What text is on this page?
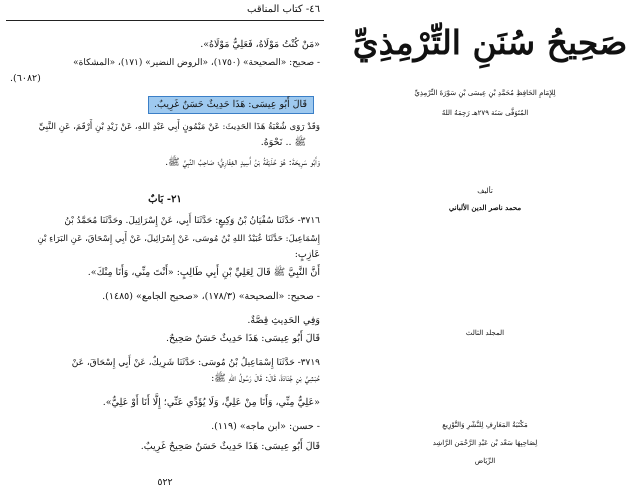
٤٦- كتاب المناقب
«مَنْ كُنْتُ مَوْلَاهُ، فَعَلِيٌّ مَوْلَاهُ».
- صحيح: «الصحيحة» (١٧٥٠)، «الروض النضير» (١٧١)، «المشكاة»
(٦٠٨٢).
قَالَ أَبُو عِيسَى: هَذَا حَدِيثٌ حَسَنٌ غَرِيبٌ.
وَقَدْ رَوَى شُعْبَةُ هَذَا الحَدِيثَ: عَنْ مَيْمُونٍ أَبِي عَبْدِ اللهِ، عَنْ زَيْدِ بْنِ أَرْقَمَ، عَنِ النَّبِيِّ
ﷺ .. نَحْوَهُ.
وَأَبُو سَرِيحَةَ: هُوَ حُذَيْفَةُ بْنُ أَسِيدٍ الغِفَارِيُّ؛ صَاحِبُ النَّبِيِّ ﷺ.
٢١- بَابٌ
٣٧١٦- حَدَّثَنَا سُفْيَانُ بْنُ وَكِيعٍ: حَدَّثَنَا أَبِي، عَنْ إِسْرَائِيلَ. وحَدَّثَنَا مُحَمَّدُ بْنُ
إِسْمَاعِيلَ: حَدَّثَنَا عُبَيْدُ اللهِ بْنُ مُوسَى، عَنْ إِسْرَائِيلَ، عَنْ أَبِي إِسْحَاقَ، عَنِ البَرَاءِ بْنِ
عَازِبٍ:
أَنَّ النَّبِيَّ ﷺ قَالَ لِعَلِيِّ بْنِ أَبِي طَالِبٍ: «أَنْتَ مِنِّي، وَأَنَا مِنْكَ».
- صحيح: «الصحيحة» (١٧٨/٣)، «صحيح الجامع» (١٤٨٥).
وَفِي الحَدِيثِ قِصَّةٌ.
قَالَ أَبُو عِيسَى: هَذَا حَدِيثٌ حَسَنٌ صَحِيحٌ.
٣٧١٩- حَدَّثَنَا إِسْمَاعِيلُ بْنُ مُوسَى: حَدَّثَنَا شَرِيكٌ، عَنْ أَبِي إِسْحَاقَ، عَنْ
حُبْشِيِّ بْنِ جُنَادَةَ، قَالَ: قَالَ رَسُولُ اللهِ ﷺ:
«عَلِيٌّ مِنِّي، وَأَنَا مِنْ عَلِيٍّ، وَلَا يُؤَدِّي عَنِّي؛ إِلَّا أَنَا أَوْ عَلِيٌّ».
- حسن: «ابن ماجه» (١١٩).
قَالَ أَبُو عِيسَى: هَذَا حَدِيثٌ حَسَنٌ صَحِيحٌ غَرِيبٌ.
٥٢٢
صَحِيحُ سُنَنِ التِّرْمِذِيِّ
لِلإِمَامِ الحَافِظِ مُحَمَّدِ بْنِ عِيسَى بْنِ سَوْرَةَ التِّرْمِذِيِّ
المُتَوَفَّى سَنَة ٢٧٩هـ رَحِمَهُ اللهُ
تأليف
محمد ناصر الدين الألباني
المجلد الثالث
مَكْتَبَةُ المَعَارِفِ لِلنَّشْرِ وَالتَّوْزِيعِ
لِصَاحِبِهَا سَعْد بْن عَبْدِ الرَّحْمَن الرَّاشِد
الرِّيَاض
